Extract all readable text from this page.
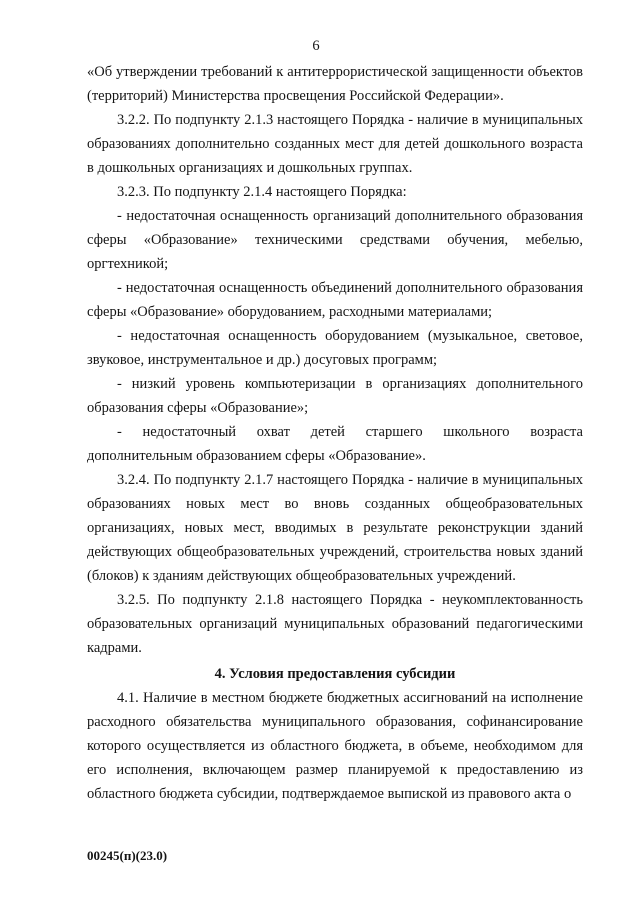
6

«Об утверждении требований к антитеррористической защищенности объектов (территорий) Министерства просвещения Российской Федерации».

3.2.2. По подпункту 2.1.3 настоящего Порядка - наличие в муниципальных образованиях дополнительно созданных мест для детей дошкольного возраста в дошкольных организациях и дошкольных группах.

3.2.3. По подпункту 2.1.4 настоящего Порядка:

- недостаточная оснащенность организаций дополнительного образования сферы «Образование» техническими средствами обучения, мебелью, оргтехникой;

- недостаточная оснащенность объединений дополнительного образования сферы «Образование» оборудованием, расходными материалами;

- недостаточная оснащенность оборудованием (музыкальное, световое, звуковое, инструментальное и др.) досуговых программ;

- низкий уровень компьютеризации в организациях дополнительного образования сферы «Образование»;

- недостаточный охват детей старшего школьного возраста дополнительным образованием сферы «Образование».

3.2.4. По подпункту 2.1.7 настоящего Порядка - наличие в муниципальных образованиях новых мест во вновь созданных общеобразовательных организациях, новых мест, вводимых в результате реконструкции зданий действующих общеобразовательных учреждений, строительства новых зданий (блоков) к зданиям действующих общеобразовательных учреждений.

3.2.5. По подпункту 2.1.8 настоящего Порядка - неукомплектованность образовательных организаций муниципальных образований педагогическими кадрами.

4. Условия предоставления субсидии

4.1. Наличие в местном бюджете бюджетных ассигнований на исполнение расходного обязательства муниципального образования, софинансирование которого осуществляется из областного бюджета, в объеме, необходимом для его исполнения, включающем размер планируемой к предоставлению из областного бюджета субсидии, подтверждаемое выпиской из правового акта о

00245(п)(23.0)
